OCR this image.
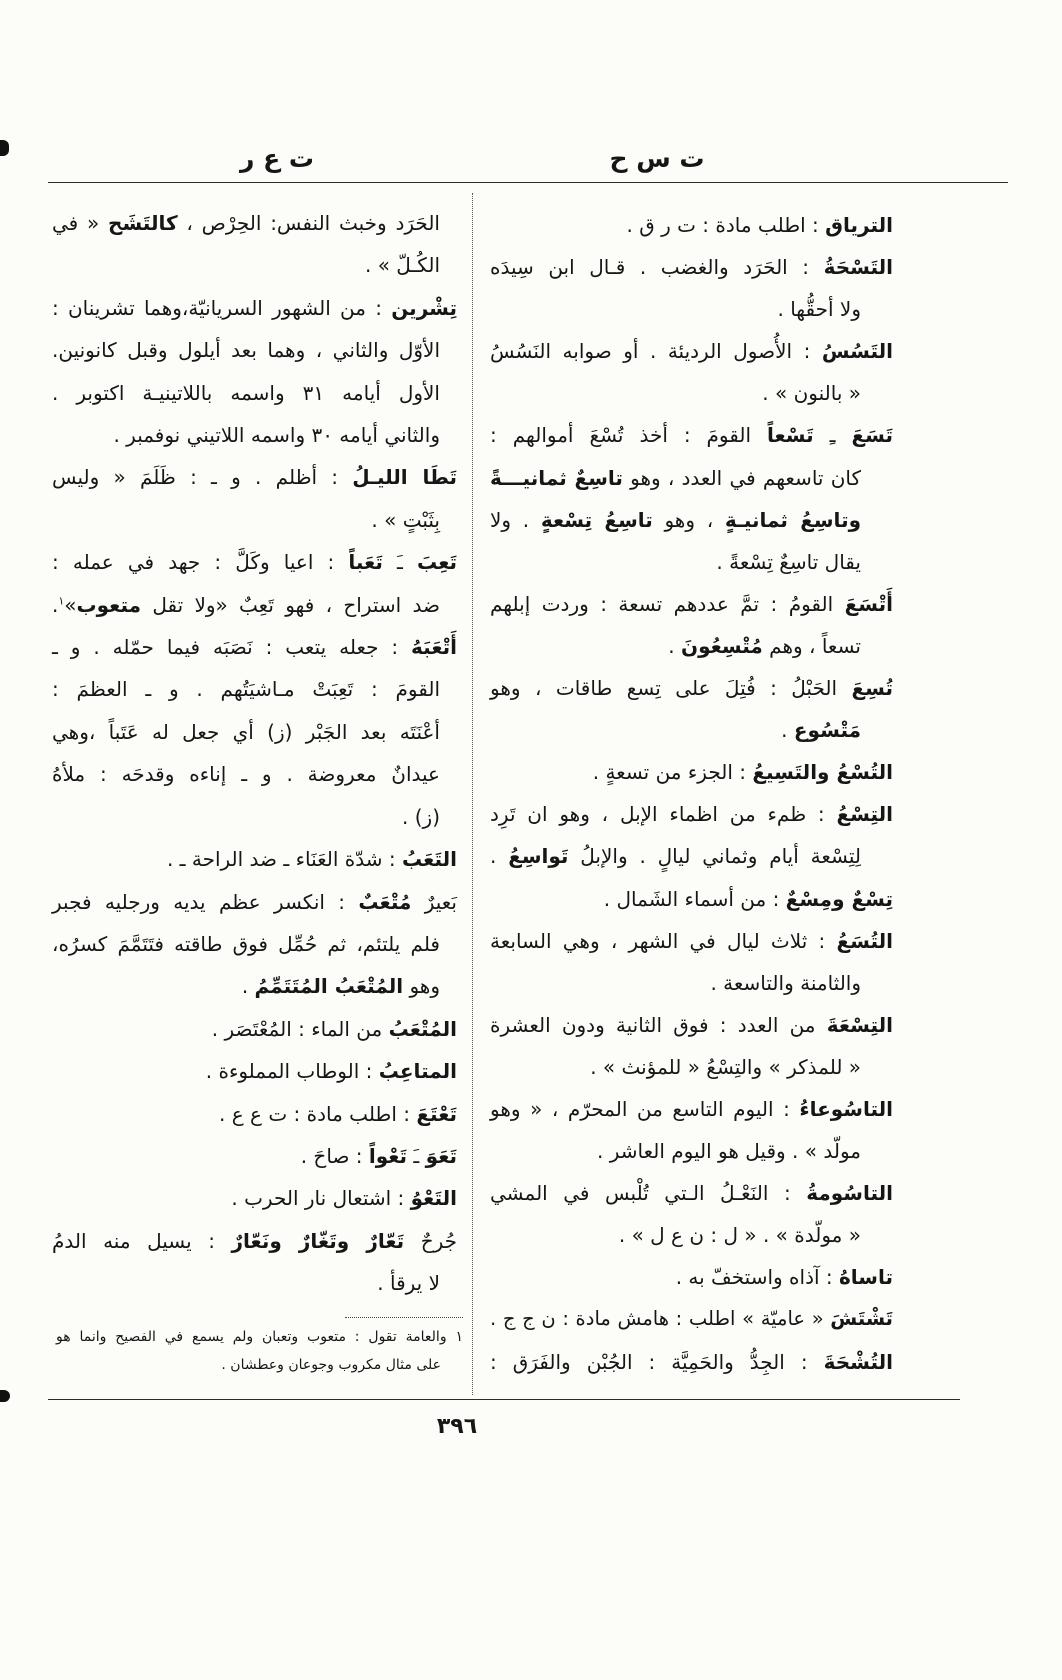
ت ع ر	ت س ح
الترياق : اطلب مادة : ت ر ق .
التَسْحَةُ : الحَرَد والغضب . قـال ابن سِيدَه
ولا أحقُّها .
التَسُسُ : الأُصول الرديئة . أو صوابه النَسُسُ
« بالنون » .
تَسَعَ ـِ تَسْعاً القومَ : أخذ تُسْعَ أموالهم :
كان تاسعهم في العدد ، وهو تاسِعٌ ثمانيـــةً
وتاسِعُ ثمانيـةٍ ، وهو تاسِعُ تِسْعةٍ . ولا
يقال تاسِعٌ تِسْعةً .
أَتْسَعَ القومُ : تمَّ عددهم تسعة : وردت إبلهم
تسعاً ، وهم مُتْسِعُونَ .
تُسِعَ الحَبْلُ : فُتِلَ على تِسع طاقات ، وهو
مَتْسُوع .
التُسْعُ والتَسِيعُ : الجزء من تسعةٍ .
التِسْعُ : ظمء من اظماء الإبل ، وهو ان تَرِد
لِتِسْعة أيام وثماني ليالٍ . والإبلُ تَواسِعُ .
تِسْعٌ ومِسْعٌ : من أسماء الشَمال .
التُسَعُ : ثلاث ليال في الشهر ، وهي السابعة
والثامنة والتاسعة .
التِسْعَةَ من العدد : فوق الثانية ودون العشرة
« للمذكر » والتِسْعُ « للمؤنث » .
التاسُوعاءُ : اليوم التاسع من المحرّم ، « وهو
مولّد » . وقيل هو اليوم العاشر .
التاسُومةُ : النَعْـلُ الـتي تُلْبس في المشي
« مولّدة » . « ل : ن ع ل » .
تاساهُ : آذاه واستخفّ به .
تَشْتَشَ « عاميّة » اطلب : هامش مادة : ن ج ج .
التُشْحَةَ : الجِدُّ والحَمِيَّة : الجُبْن والفَرَق :
الحَرَد وخبث النفس: الحِرْص ، كالتَشَح « في
الكُـلّ » .
تِشْرين : من الشهور السريانيّة،وهما تشرينان :
الأوّل والثاني ، وهما بعد أيلول وقبل كانونين.
الأول أيامه ٣١ واسمه باللاتينيـة اكتوبر .
والثاني أيامه ٣٠ واسمه اللاتيني نوفمبر .
تَطَا الليـلُ : أظلم . و ـ : ظَلَمَ « وليس
بِثَبْتٍ » .
تَعِبَ ـَ تَعَباً : اعيا وكَلَّ : جهد في عمله :
ضد استراح ، فهو تَعِبٌ «ولا تقل متعوب»$^١$.
أَتْعَبَهُ : جعله يتعب : نَصَبَه فيما حمّله . و ـ
القومَ : تَعِبَتْ مـاشيَتُهم . و ـ العظمَ :
أعْنَتَه بعد الجَبْر (ز) أي جعل له عَتَباً ،وهي
عيدانٌ معروضة . و ـ إناءه وقدحَه : ملأهُ
(ز) .
التَعَبُ : شدّة العَنَاء ـ ضد الراحة ـ .
بَعيرٌ مُتْعَبٌ : انكسر عظم يديه ورجليه فجبر
فلم يلتئم، ثم حُمِّل فوق طاقته فتَتَمَّمَ كسرُه،
وهو المُتْعَبُ المُتَتَمِّمُ .
المُتْعَبُ من الماء : المُعْتَصَر .
المتاعِبُ : الوطاب المملوءة .
تَعْتَعَ : اطلب مادة : ت ع ع .
تَعَوَ ـَ تَعْواً : صاحَ .
التَعْوُ : اشتعال نار الحرب .
جُرحٌ تَعّارٌ وتَغّارٌ ونَعّارٌ : يسيل منه الدمُ
لا يرقأ .
١ والعامة تقول : متعوب وتعبان ولم يسمع في الفصيح وانما هو
على مثال مكروب وجوعان وعطشان .
٣٩٦
